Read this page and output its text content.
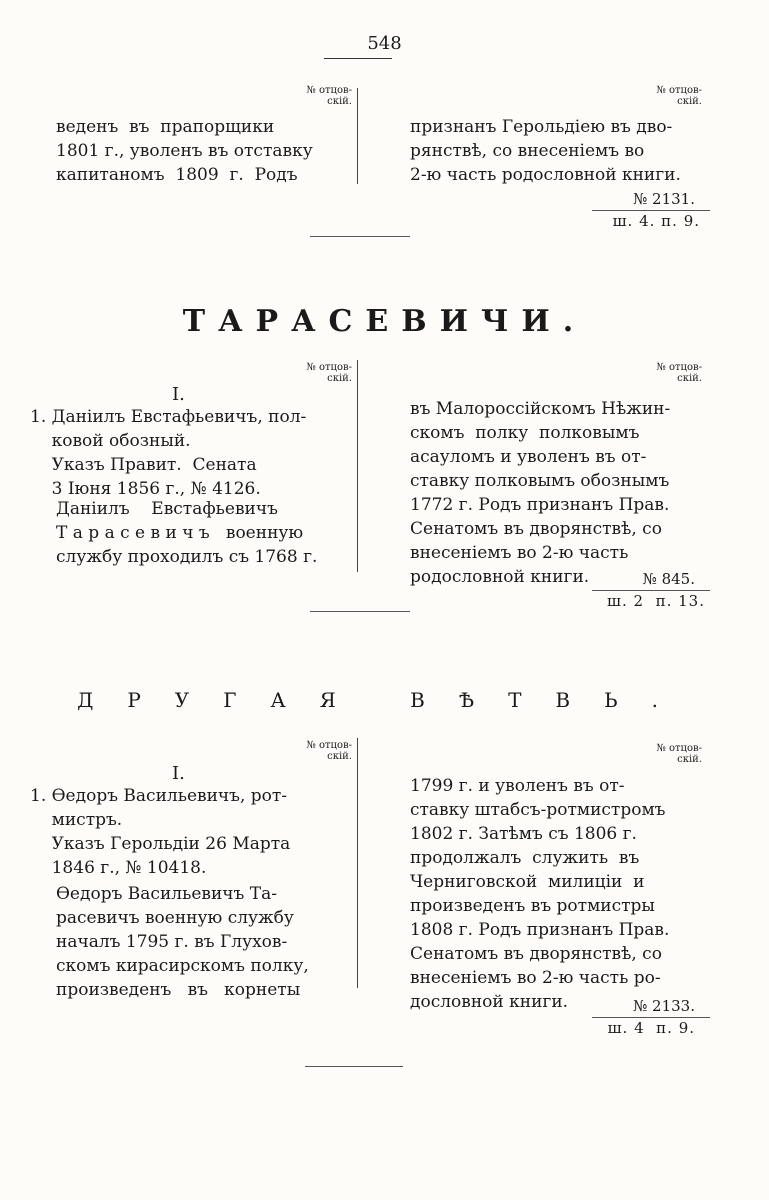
548
№ отцов-
скій.
№ отцов-
скій.
веденъ  въ  прапорщики
1801 г., уволенъ въ отставку
капитаномъ  1809  г.  Родъ
признанъ Герольдіею въ дво-
рянствѣ, со внесеніемъ во
2-ю часть родословной книги.
№ 2131.
ш. 4. п. 9.
ТАРАСЕВИЧИ.
№ отцов-
скій.
№ отцов-
скій.
I.
1. Даніилъ Евстафьевичъ, пол-
ковой обозный.
Указъ Правит.  Сената
3 Іюня 1856 г., № 4126.
Даніилъ    Евстафьевичъ
Т а р а с е в и ч ъ   военную
службу проходилъ съ 1768 г.
въ Малороссійскомъ Нѣжин-
скомъ  полку  полковымъ
асауломъ и уволенъ въ от-
ставку полковымъ обознымъ
1772 г. Родъ признанъ Прав.
Сенатомъ въ дворянствѣ, со
внесеніемъ во 2-ю часть
родословной книги.	№ 845.
ш. 2  п. 13.
ДРУГАЯ ВѢТВЬ.
№ отцов-
скій.
№ отцов-
скій.
I.
1. Ѳедоръ Васильевичъ, рот-
мистръ.
Указъ Герольдіи 26 Марта
1846 г., № 10418.
Ѳедоръ Васильевичъ Та-
расевичъ военную службу
началъ 1795 г. въ Глухов-
скомъ кирасирскомъ полку,
произведенъ   въ   корнеты
1799 г. и уволенъ въ от-
ставку штабсъ-ротмистромъ
1802 г. Затѣмъ съ 1806 г.
продолжалъ  служить  въ
Черниговской  милиціи  и
произведенъ въ ротмистры
1808 г. Родъ признанъ Прав.
Сенатомъ въ дворянствѣ, со
внесеніемъ во 2-ю часть ро-
дословной книги.	№ 2133.
ш. 4  п. 9.
